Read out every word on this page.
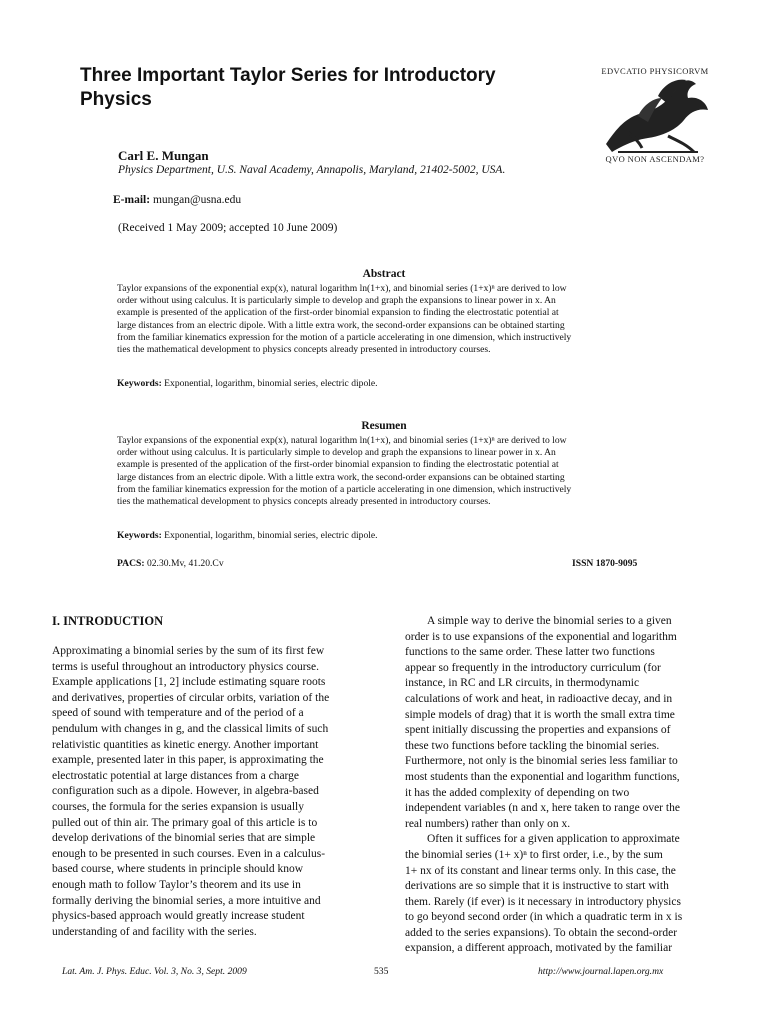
Three Important Taylor Series for Introductory
Physics
EDVCATIO PHYSICORVM
QVO NON ASCENDAM?
Carl E. Mungan
Physics Department, U.S. Naval Academy, Annapolis, Maryland, 21402-5002, USA.
E-mail: mungan@usna.edu
(Received 1 May 2009; accepted 10 June 2009)
Abstract
Taylor expansions of the exponential exp(x), natural logarithm ln(1+x), and binomial series (1+x)ⁿ are derived to low
order without using calculus. It is particularly simple to develop and graph the expansions to linear power in x. An
example is presented of the application of the first-order binomial expansion to finding the electrostatic potential at
large distances from an electric dipole. With a little extra work, the second-order expansions can be obtained starting
from the familiar kinematics expression for the motion of a particle accelerating in one dimension, which instructively
ties the mathematical development to physics concepts already presented in introductory courses.
Keywords: Exponential, logarithm, binomial series, electric dipole.
Resumen
Taylor expansions of the exponential exp(x), natural logarithm ln(1+x), and binomial series (1+x)ⁿ are derived to low
order without using calculus. It is particularly simple to develop and graph the expansions to linear power in x. An
example is presented of the application of the first-order binomial expansion to finding the electrostatic potential at
large distances from an electric dipole. With a little extra work, the second-order expansions can be obtained starting
from the familiar kinematics expression for the motion of a particle accelerating in one dimension, which instructively
ties the mathematical development to physics concepts already presented in introductory courses.
Keywords: Exponential, logarithm, binomial series, electric dipole.
PACS: 02.30.Mv, 41.20.Cv	ISSN 1870-9095
I. INTRODUCTION
Approximating a binomial series by the sum of its first few
terms is useful throughout an introductory physics course.
Example applications [1, 2] include estimating square roots
and derivatives, properties of circular orbits, variation of the
speed of sound with temperature and of the period of a
pendulum with changes in g, and the classical limits of such
relativistic quantities as kinetic energy. Another important
example, presented later in this paper, is approximating the
electrostatic potential at large distances from a charge
configuration such as a dipole. However, in algebra-based
courses, the formula for the series expansion is usually
pulled out of thin air. The primary goal of this article is to
develop derivations of the binomial series that are simple
enough to be presented in such courses. Even in a calculus-
based course, where students in principle should know
enough math to follow Taylor’s theorem and its use in
formally deriving the binomial series, a more intuitive and
physics-based approach would greatly increase student
understanding of and facility with the series.
A simple way to derive the binomial series to a given
order is to use expansions of the exponential and logarithm
functions to the same order. These latter two functions
appear so frequently in the introductory curriculum (for
instance, in RC and LR circuits, in thermodynamic
calculations of work and heat, in radioactive decay, and in
simple models of drag) that it is worth the small extra time
spent initially discussing the properties and expansions of
these two functions before tackling the binomial series.
Furthermore, not only is the binomial series less familiar to
most students than the exponential and logarithm functions,
it has the added complexity of depending on two
independent variables (n and x, here taken to range over the
real numbers) rather than only on x.
Often it suffices for a given application to approximate
the binomial series (1+ x)ⁿ to first order, i.e., by the sum
1+ nx of its constant and linear terms only. In this case, the
derivations are so simple that it is instructive to start with
them. Rarely (if ever) is it necessary in introductory physics
to go beyond second order (in which a quadratic term in x is
added to the series expansions). To obtain the second-order
expansion, a different approach, motivated by the familiar
Lat. Am. J. Phys. Educ. Vol. 3, No. 3, Sept. 2009	535	http://www.journal.lapen.org.mx
